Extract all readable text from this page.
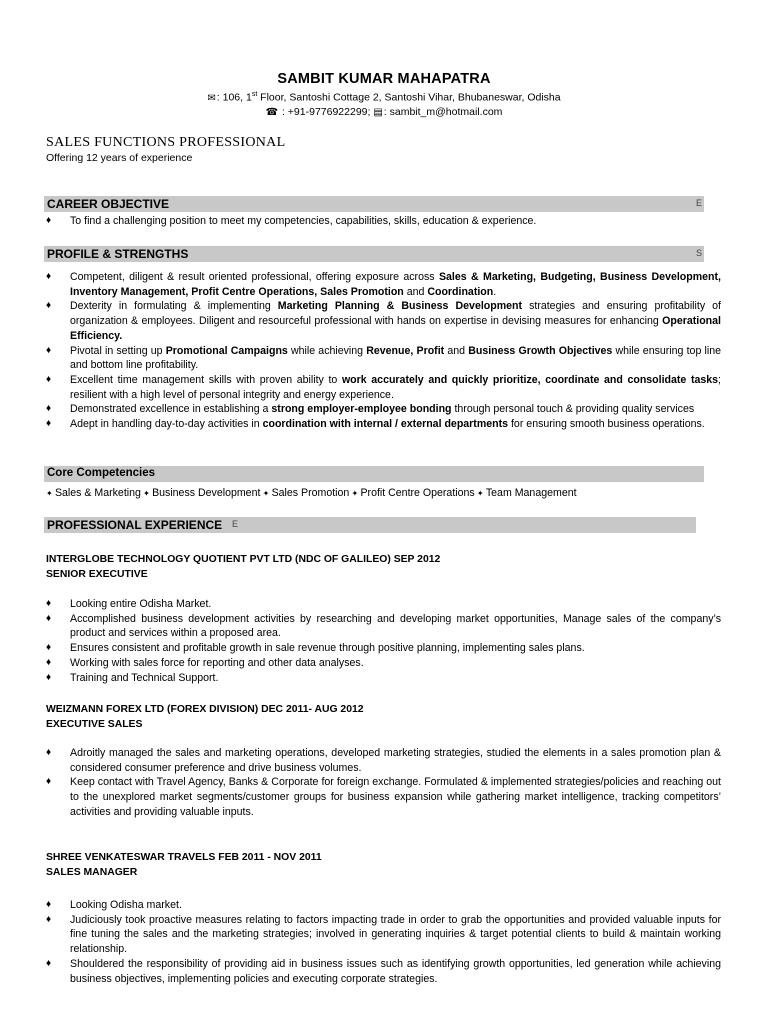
SAMBIT KUMAR MAHAPATRA
✉: 106, 1st Floor, Santoshi Cottage 2, Santoshi Vihar, Bhubaneswar, Odisha
☎ : +91-9776922299; ▤: sambit_m@hotmail.com
SALES FUNCTIONS PROFESSIONAL
Offering 12 years of experience
CAREER OBJECTIVE	E
♦ To find a challenging position to meet my competencies, capabilities, skills, education & experience.
PROFILE & STRENGTHS	S
♦ Competent, diligent & result oriented professional, offering exposure across Sales & Marketing, Budgeting, Business Development, Inventory Management, Profit Centre Operations, Sales Promotion and Coordination.
♦ Dexterity in formulating & implementing Marketing Planning & Business Development strategies and ensuring profitability of organization & employees. Diligent and resourceful professional with hands on expertise in devising measures for enhancing Operational Efficiency.
♦ Pivotal in setting up Promotional Campaigns while achieving Revenue, Profit and Business Growth Objectives while ensuring top line and bottom line profitability.
♦ Excellent time management skills with proven ability to work accurately and quickly prioritize, coordinate and consolidate tasks; resilient with a high level of personal integrity and energy experience.
♦ Demonstrated excellence in establishing a strong employer-employee bonding through personal touch & providing quality services
♦ Adept in handling day-to-day activities in coordination with internal / external departments for ensuring smooth business operations.
Core Competencies
✦ Sales & Marketing ✦ Business Development ✦ Sales Promotion ✦ Profit Centre Operations ✦ Team Management
PROFESSIONAL EXPERIENCE E
INTERGLOBE TECHNOLOGY QUOTIENT PVT LTD (NDC OF GALILEO) SEP 2012
SENIOR EXECUTIVE
♦ Looking entire Odisha Market.
♦ Accomplished business development activities by researching and developing market opportunities, Manage sales of the company’s product and services within a proposed area.
♦ Ensures consistent and profitable growth in sale revenue through positive planning, implementing sales plans.
♦ Working with sales force for reporting and other data analyses.
♦ Training and Technical Support.
WEIZMANN FOREX LTD (FOREX DIVISION) DEC 2011- AUG 2012
EXECUTIVE SALES
♦ Adroitly managed the sales and marketing operations, developed marketing strategies, studied the elements in a sales promotion plan & considered consumer preference and drive business volumes.
♦ Keep contact with Travel Agency, Banks & Corporate for foreign exchange. Formulated & implemented strategies/policies and reaching out to the unexplored market segments/customer groups for business expansion while gathering market intelligence, tracking competitors’ activities and providing valuable inputs.
SHREE VENKATESWAR TRAVELS FEB 2011 - NOV 2011
SALES MANAGER
♦ Looking Odisha market.
♦ Judiciously took proactive measures relating to factors impacting trade in order to grab the opportunities and provided valuable inputs for fine tuning the sales and the marketing strategies; involved in generating inquiries & target potential clients to build & maintain working relationship.
♦ Shouldered the responsibility of providing aid in business issues such as identifying growth opportunities, led generation while achieving business objectives, implementing policies and executing corporate strategies.
